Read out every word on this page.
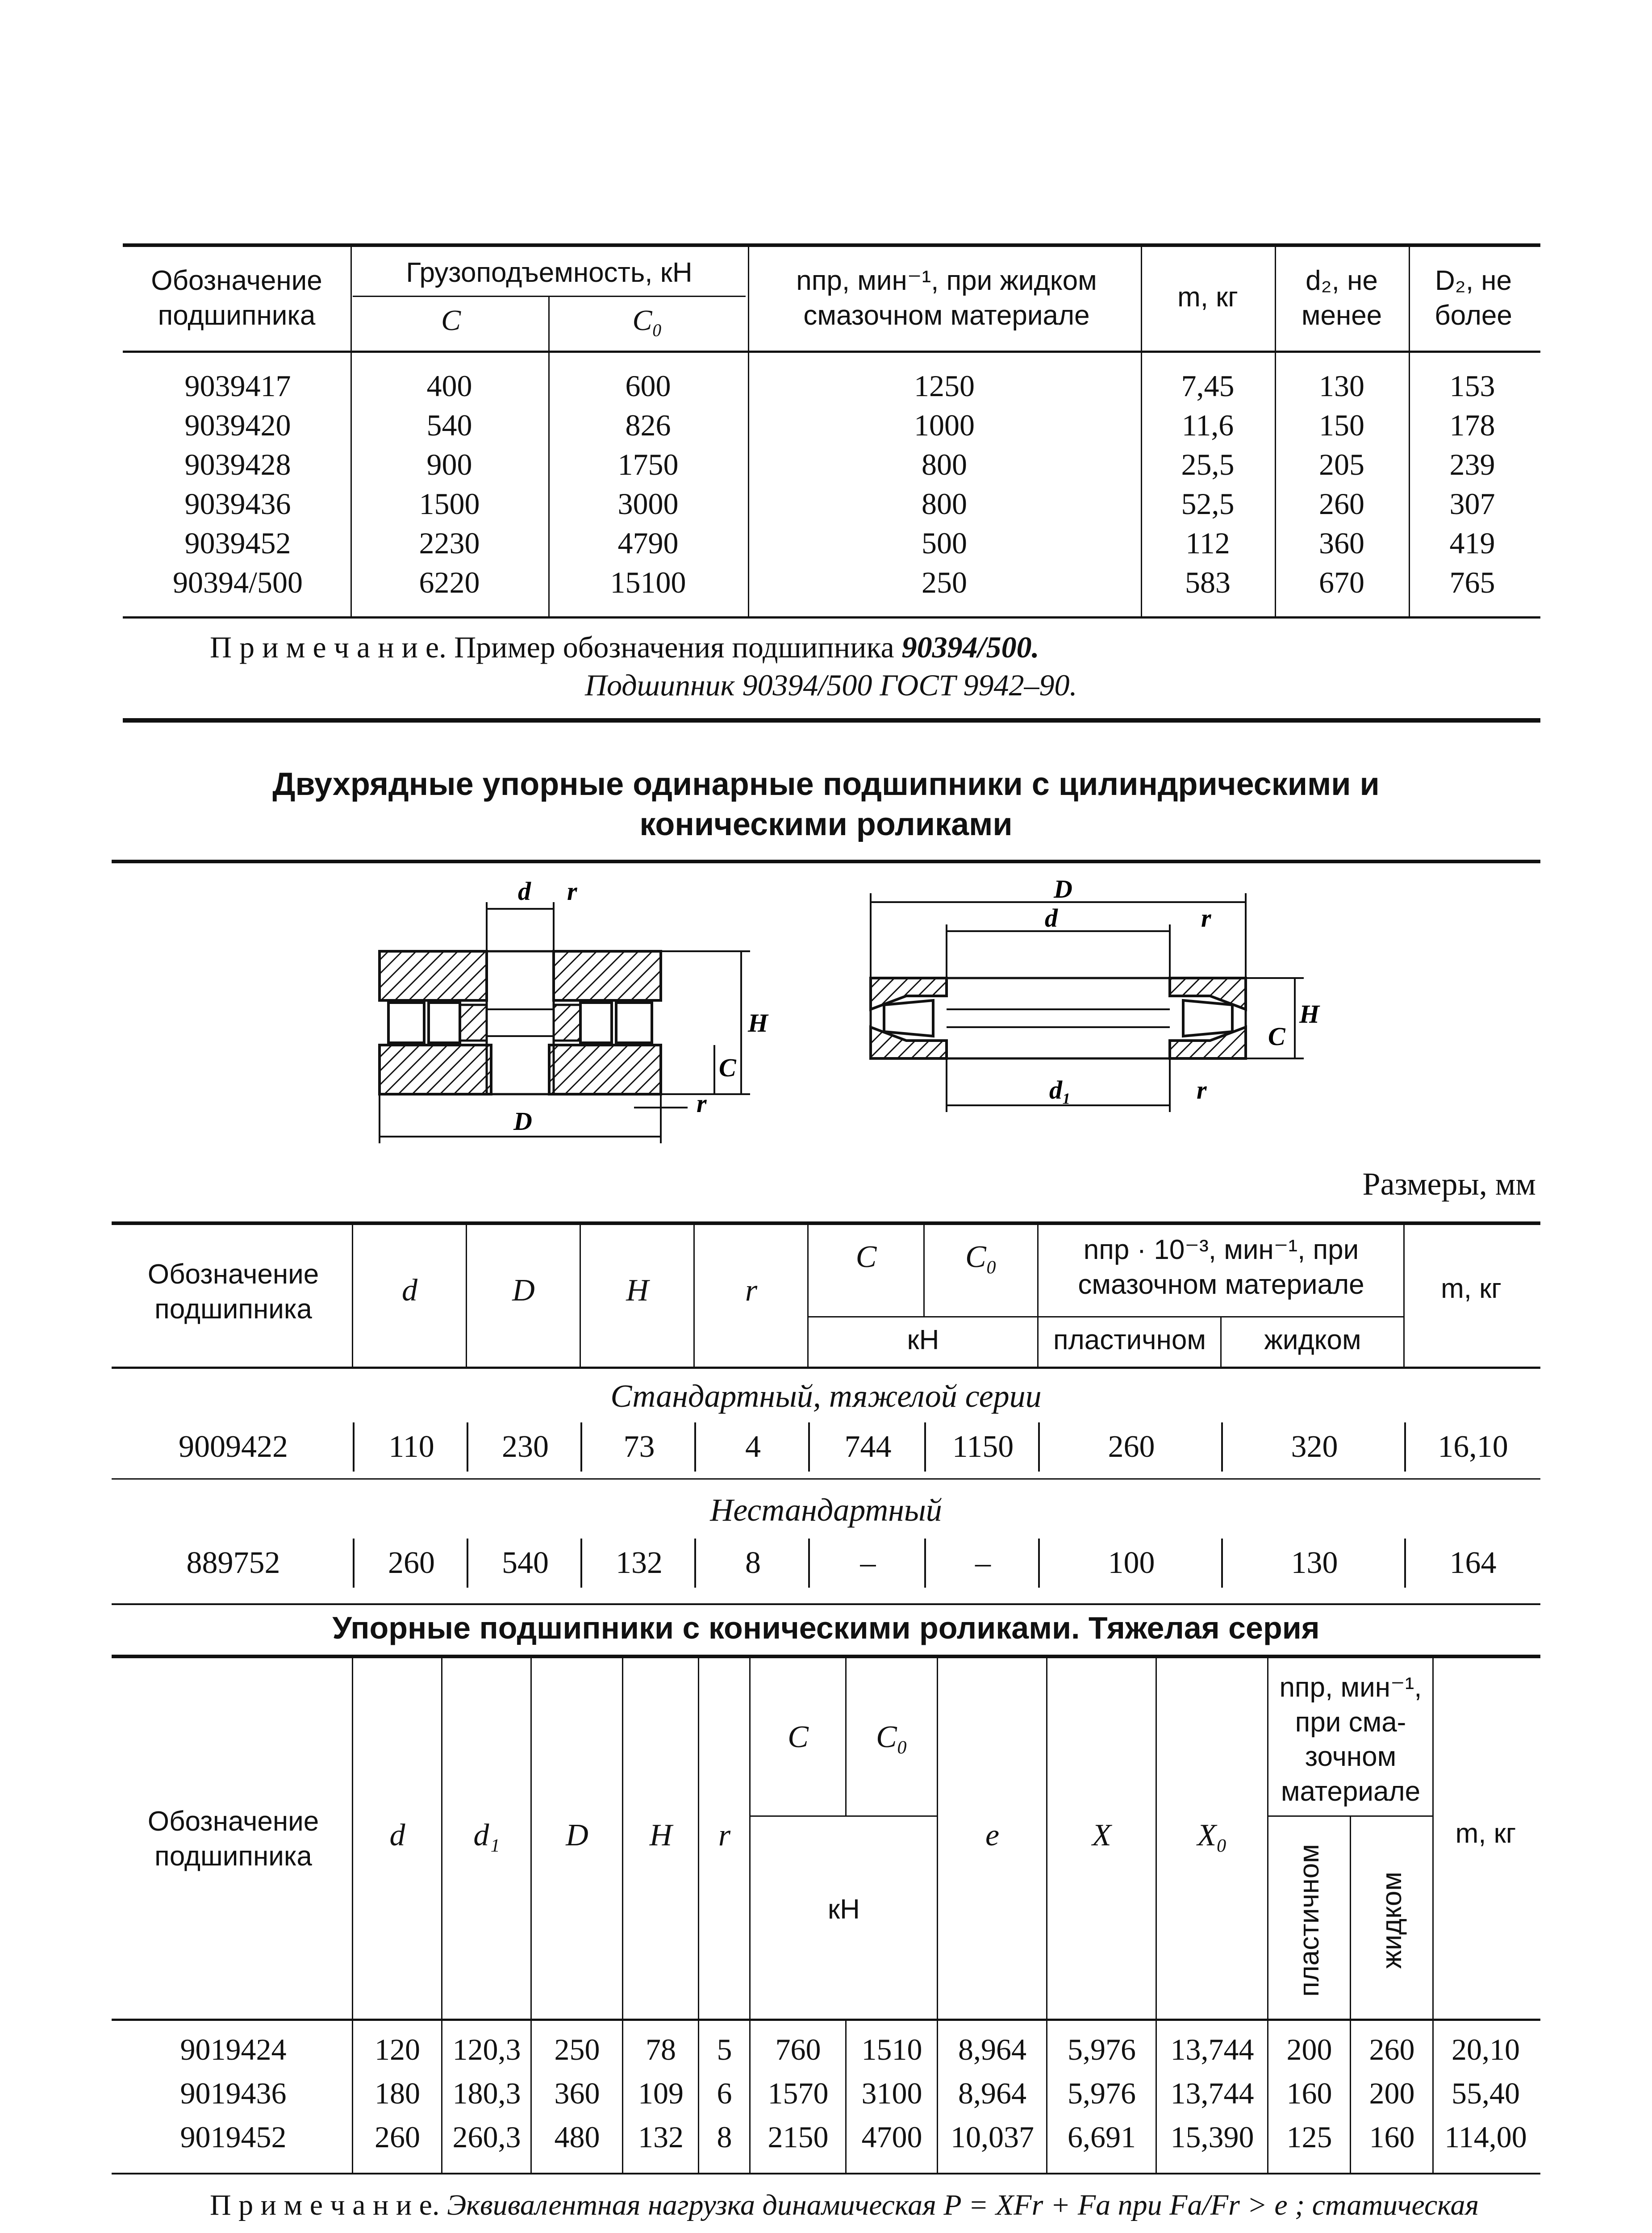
Обозначение подшипника
Грузоподъемность, кН
C	C₀
nпр, мин⁻¹, при жидком смазочном материале
m, кг
d₂, не менее
D₂, не более
9039417	400	600	1250	7,45	130	153
9039420	540	826	1000	11,6	150	178
9039428	900	1750	800	25,5	205	239
9039436	1500	3000	800	52,5	260	307
9039452	2230	4790	500	112	360	419
90394/500	6220	15100	250	583	670	765
П р и м е ч а н и е. Пример обозначения подшипника 90394/500.
Подшипник 90394/500 ГОСТ 9942–90.
Двухрядные упорные одинарные подшипники с цилиндрическими и
коническими роликами
d r
H
C
D
r
D
d	r
d₁
H
C
r
Размеры, мм
Обозначение подшипника
d	D	H	r
C	C₀
кН
nпр · 10⁻³, мин⁻¹, при смазочном материале
пластичном	жидком
m, кг
Стандартный, тяжелой серии
9009422	110	230	73	4	744	1150	260	320	16,10
Нестандартный
889752	260	540	132	8	–	–	100	130	164
Упорные подшипники с коническими роликами. Тяжелая серия
Обозначение подшипника
d	d₁	D	H	r
C	C₀
кН
e	X	X₀
nпр, мин⁻¹, при сма-зочном материале
пластичном жидком
m, кг
9019424	120	120,3	250	78	5	760	1510	8,964	5,976	13,744	200	260	20,10
9019436	180	180,3	360	109	6	1570	3100	8,964	5,976	13,744	160	200	55,40
9019452	260	260,3	480	132	8	2150	4700 10,037	6,691	15,390	125	160 114,00
П р и м е ч а н и е. Эквивалентная нагрузка динамическая P = XFr + Fa при Fa/Fr > e ; статическая
